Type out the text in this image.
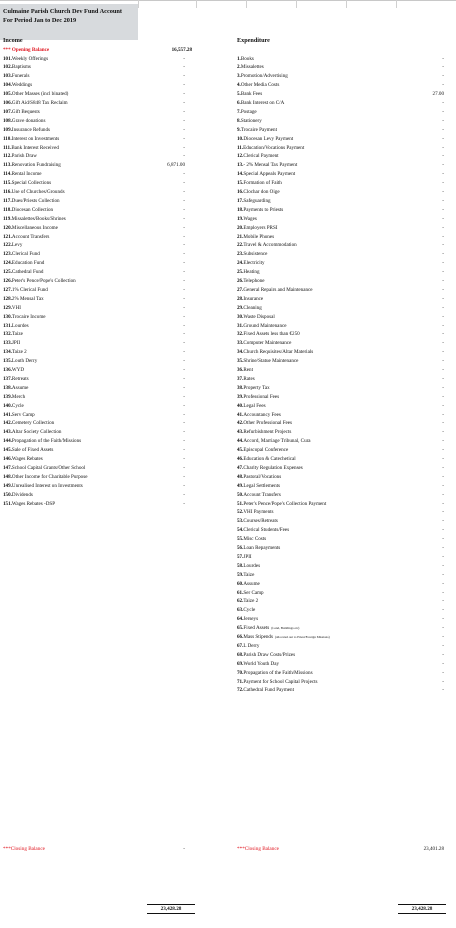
Culmaine Parish Church Dev Fund Account
For Period Jan to Dec 2019
Income	Expenditure
*** Opening Balance	16,557.28
101.Weekly Offerings	-
102.Baptisms	-
103.Funerals	-
104.Weddings	-
105.Other Masses (incl binated)	-
106.Gift Aid/S848 Tax Reclaim	-
107.Gift Bequests	-
108.Grave donations	-
109.Insurance Refunds	-
110.Interest on Investments	-
111.Bank Interest Received	-
112.Parish Draw	-
113.Renovation Fundraising	6,871.00
114.Rental Income	-
115.Special Collections	-
116.Use of Churches/Grounds	-
117.Dues/Priests Collection	-
118.Diocesan Collection	-
119.Missalettes/Books/Shrines	-
120.Miscellaneous Income	-
121.Account Transfers	-
122.Levy	-
123.Clerical Fund	-
124.Education Fund	-
125.Cathedral Fund	-
126.Peter's Pence/Pope's Collection	-
127.1% Clerical Fund	-
128.2% Mensal Tax	-
129.VHI	-
130.Trocaire Income	-
131.Lourdes	-
132.Taize	-
133.JPII	-
134.Taize 2	-
135.Louth Derry	-
136.WYD	-
137.Retreats	-
138.Assume	-
139.Merch	-
140.Cycle	-
141.Serv Camp	-
142.Cemetery Collection	-
143.Altar Society Collection	-
144.Propagation of the Faith/Missions	-
145.Sale of Fixed Assets	-
146.Wages Rebates	-
147.School Capital Grants/Other School	-
148.Other Income for Charitable Purpose	-
149.Unrealised Interest on Investments	-
150.Dividends	-
151.Wages Rebates -DSP	-
1.Books	-
2.Missalettes	-
3.Promotion/Advertising	-
4.Other Media Costs	-
5.Bank Fees	27.00
6.Bank Interest on C/A	-
7.Postage	-
8.Stationery	-
9.Trocaire Payment	-
10.Diocesan Levy Payment	-
11.Education/Vocations Payment	-
12.Clerical Payment	-
13.- 2% Mensal Tax Payment	-
14.Special Appeals Payment	-
15.Formation of Faith	-
16.Clochar don Oige	-
17.Safeguarding	-
18.Payments to Priests	-
19.Wages	-
20.Employers PRSI	-
21.Mobile Phones	-
22.Travel & Accommodation	-
23.Subsistence	-
24.Electricity	-
25.Heating	-
26.Telephone	-
27.General Repairs and Maintenance	-
28.Insurance	-
29.Cleaning	-
30.Waste Disposal	-
31.Ground Maintenance	-
32.Fixed Assets less than €250	-
33.Computer Maintenance	-
34.Church Requisites/Altar Materials	-
35.Shrine/Statue Maintenance	-
36.Rent	-
37.Rates	-
38.Property Tax	-
39.Professional Fees	-
40.Legal Fees	-
41.Accountancy Fees	-
42.Other Professional Fees	-
43.Refurbishment Projects	-
44.Accord, Marriage Tribunal, Cura	-
45.Episcopal Conference	-
46.Education & Catechetical	-
47.Charity Regulation Expenses	-
48.Pastoral/Vocations	-
49.Legal Settlements	-
50.Account Transfers	-
51.Peter's Pence/Pope's Collection Payment	-
52.VHI Payments	-
53.Courses/Retreats	-
54.Clerical Students/Fees	-
55.Misc Costs	-
56.Loan Repayments	-
57.JPII	-
58.Lourdes	-
59.Taize	-
60.Assume	-
61.Ser Camp	-
62.Taize 2	-
63.Cycle	-
64.Jerseys	-
65.Fixed Assets (Land, Buildings etc)	-
66.Mass Stipends (allocated out to Priest/Foreign Missions)	-
67.L Derry	-
68.Parish Draw Costs/Prizes	-
69.World Youth Day	-
70.Propagation of the Faith/Missions	-
71.Payment for School Capital Projects	-
72.Cathedral Fund Payment	-
***Closing Balance	-	***Closing Balance	23,401.28
23,428.28	23,428.28
